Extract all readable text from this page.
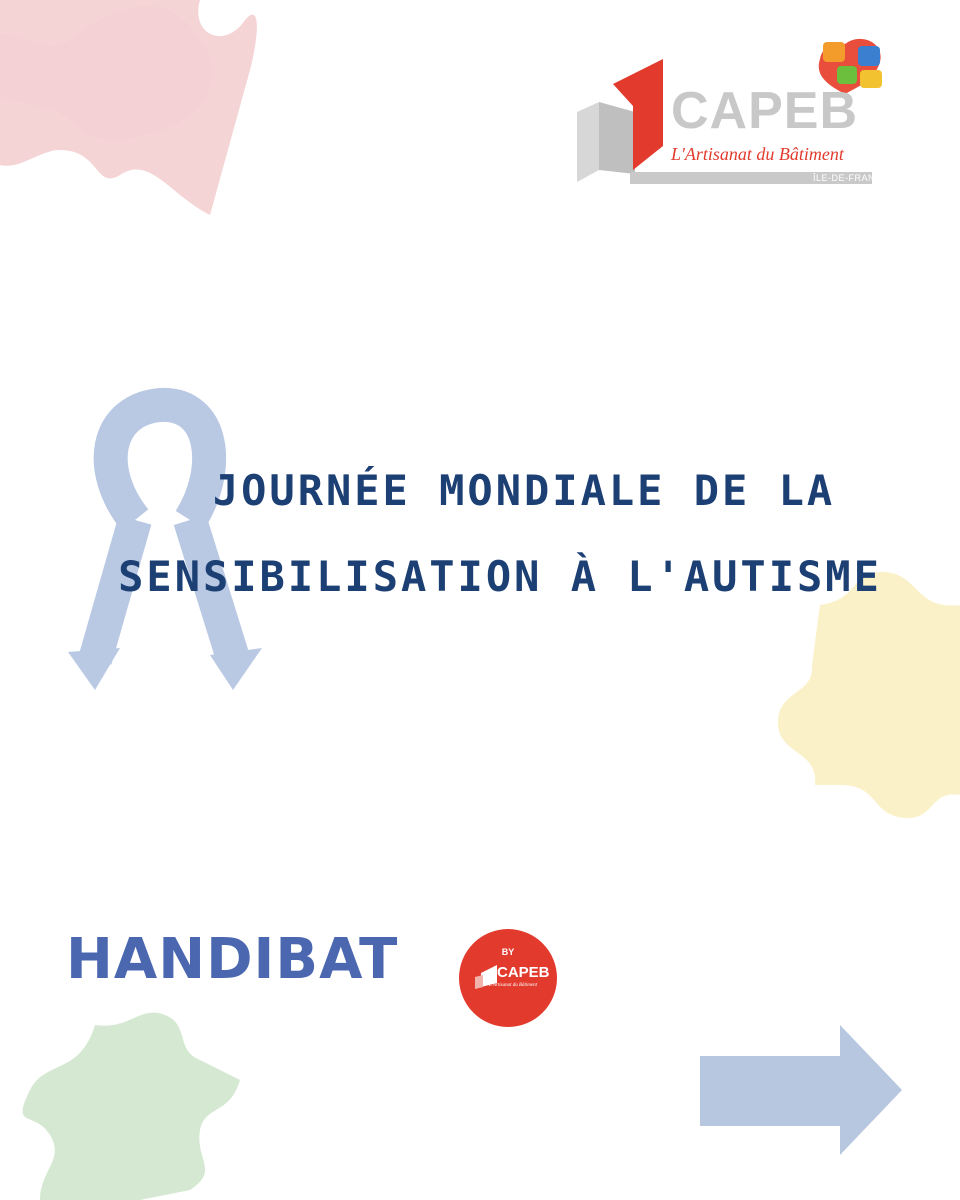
CAPEB
L'Artisanat du Bâtiment
ÎLE-DE-FRANCE
JOURNÉE MONDIALE DE LA
SENSIBILISATION À L'AUTISME
HANDIBAT	BY
CAPEB
L'Artisanat du Bâtiment
